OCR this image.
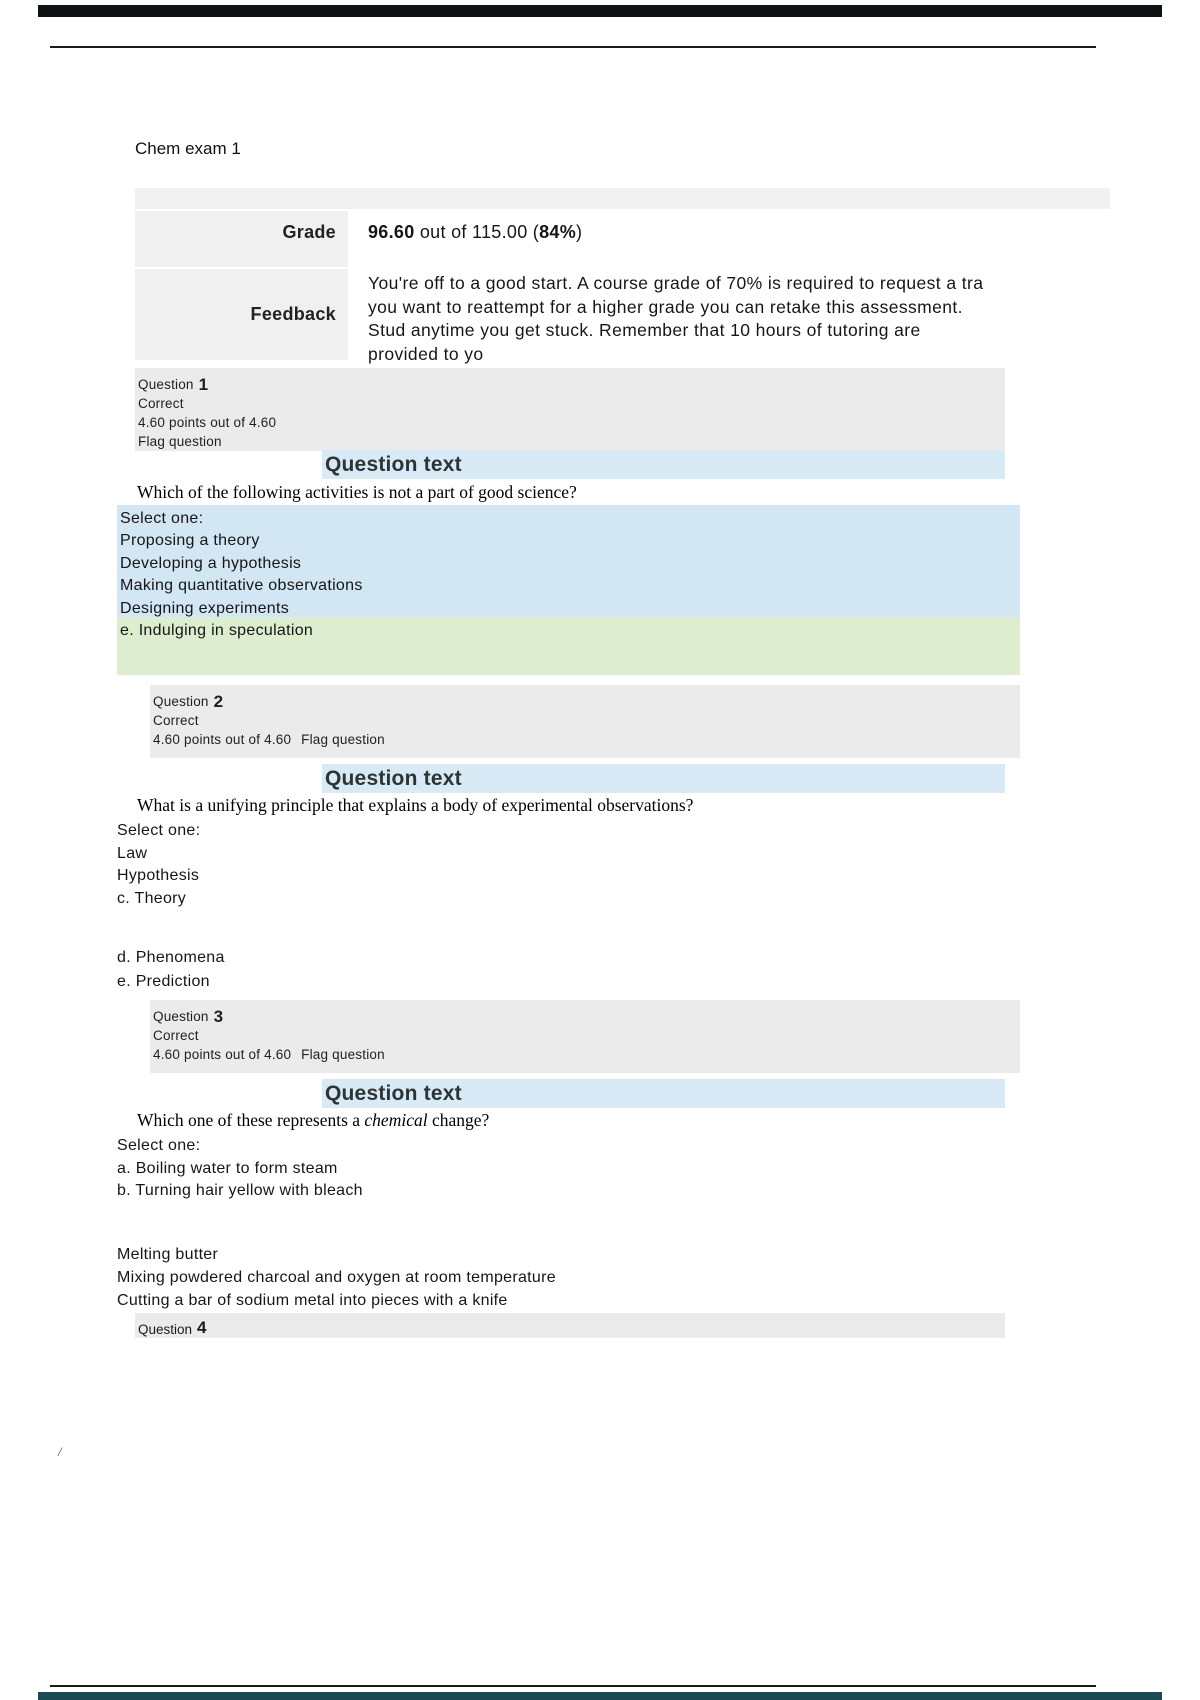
Chem exam 1
Grade	96.60 out of 115.00 (84%)
Feedback
You're off to a good start. A course grade of 70% is required to request a tra
you want to reattempt for a higher grade you can retake this assessment.
Stud anytime you get stuck. Remember that 10 hours of tutoring are
provided to yo
Question 1
Correct
4.60 points out of 4.60
Flag question
Question text
Which of the following activities is not a part of good science?
Select one:
Proposing a theory
Developing a hypothesis
Making quantitative observations
Designing experiments
e. Indulging in speculation
Question 2
Correct
4.60 points out of 4.60 Flag question
Question text
What is a unifying principle that explains a body of experimental observations?
Select one:
Law
Hypothesis
c. Theory
d. Phenomena
e. Prediction
Question 3
Correct
4.60 points out of 4.60 Flag question
Question text
Which one of these represents a chemical change?
Select one:
a. Boiling water to form steam
b. Turning hair yellow with bleach
Melting butter
Mixing powdered charcoal and oxygen at room temperature
Cutting a bar of sodium metal into pieces with a knife
Question 4
/
